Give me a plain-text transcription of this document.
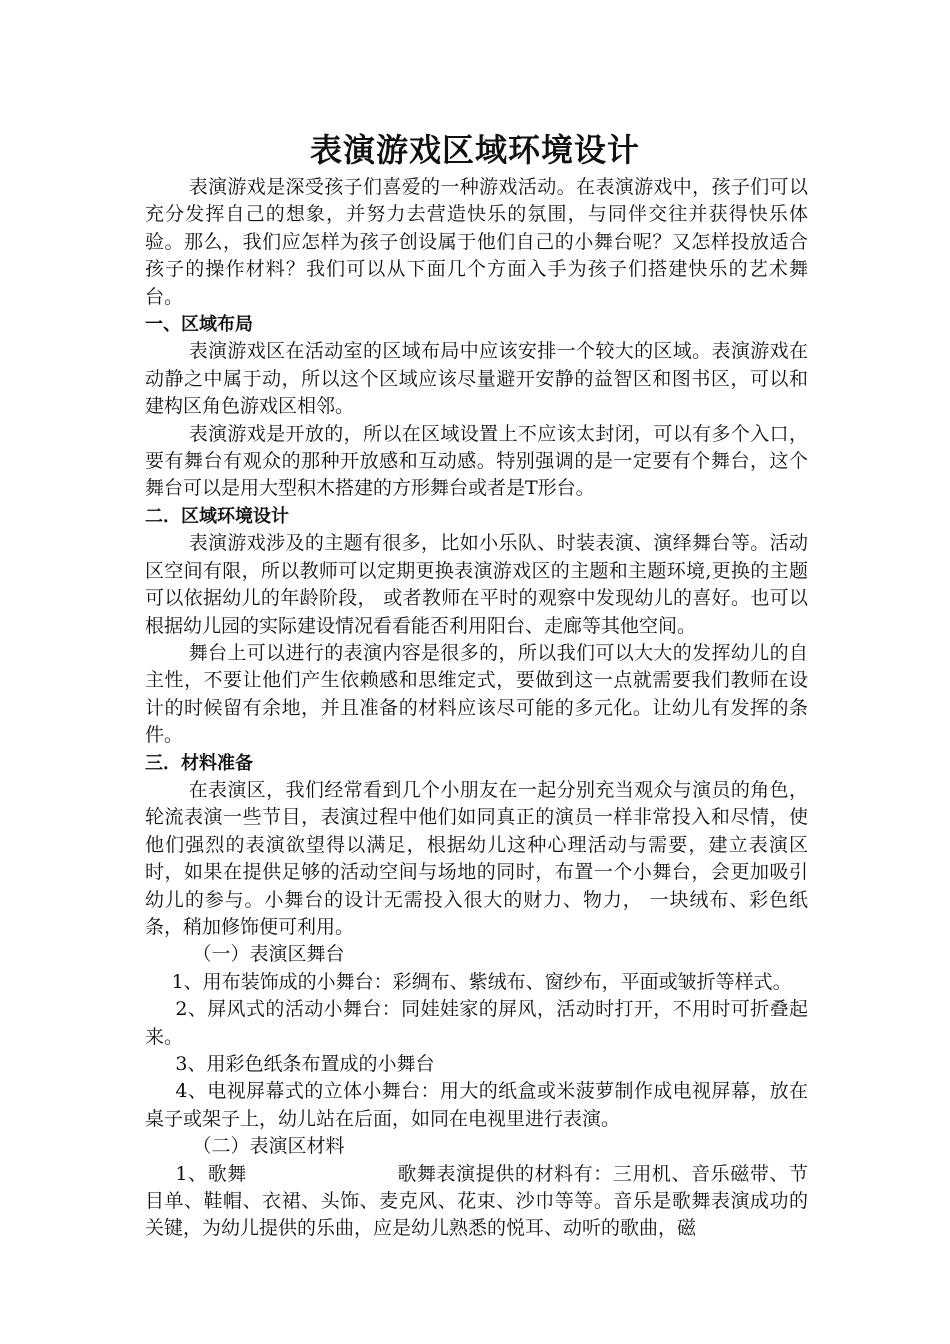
表演游戏区域环境设计

表演游戏是深受孩子们喜爱的一种游戏活动。在表演游戏中，孩子们可以充分发挥自己的想象，并努力去营造快乐的氛围，与同伴交往并获得快乐体验。那么，我们应怎样为孩子创设属于他们自己的小舞台呢？又怎样投放适合孩子的操作材料？我们可以从下面几个方面入手为孩子们搭建快乐的艺术舞台。

一、区域布局

表演游戏区在活动室的区域布局中应该安排一个较大的区域。表演游戏在动静之中属于动，所以这个区域应该尽量避开安静的益智区和图书区，可以和建构区角色游戏区相邻。

表演游戏是开放的，所以在区域设置上不应该太封闭，可以有多个入口，要有舞台有观众的那种开放感和互动感。特别强调的是一定要有个舞台，这个舞台可以是用大型积木搭建的方形舞台或者是T形台。

二．区域环境设计

表演游戏涉及的主题有很多，比如小乐队、时装表演、演绎舞台等。活动区空间有限，所以教师可以定期更换表演游戏区的主题和主题环境,更换的主题可以依据幼儿的年龄阶段， 或者教师在平时的观察中发现幼儿的喜好。也可以根据幼儿园的实际建设情况看看能否利用阳台、走廊等其他空间。

舞台上可以进行的表演内容是很多的，所以我们可以大大的发挥幼儿的自主性，不要让他们产生依赖感和思维定式，要做到这一点就需要我们教师在设计的时候留有余地，并且准备的材料应该尽可能的多元化。让幼儿有发挥的条件。

三．材料准备

在表演区，我们经常看到几个小朋友在一起分别充当观众与演员的角色，轮流表演一些节目，表演过程中他们如同真正的演员一样非常投入和尽情，使他们强烈的表演欲望得以满足，根据幼儿这种心理活动与需要，建立表演区时，如果在提供足够的活动空间与场地的同时，布置一个小舞台，会更加吸引幼儿的参与。小舞台的设计无需投入很大的财力、物力， 一块绒布、彩色纸条，稍加修饰便可利用。

（一）表演区舞台

1、用布装饰成的小舞台：彩绸布、紫绒布、窗纱布，平面或皱折等样式。

2、屏风式的活动小舞台：同娃娃家的屏风，活动时打开，不用时可折叠起来。

3、用彩色纸条布置成的小舞台

4、电视屏幕式的立体小舞台：用大的纸盒或米菠萝制作成电视屏幕，放在桌子或架子上，幼儿站在后面，如同在电视里进行表演。

（二）表演区材料

1、歌舞	歌舞表演提供的材料有：三用机、音乐磁带、节目单、鞋帽、衣裙、头饰、麦克风、花束、沙巾等等。音乐是歌舞表演成功的关键，为幼儿提供的乐曲，应是幼儿熟悉的悦耳、动听的歌曲，磁
